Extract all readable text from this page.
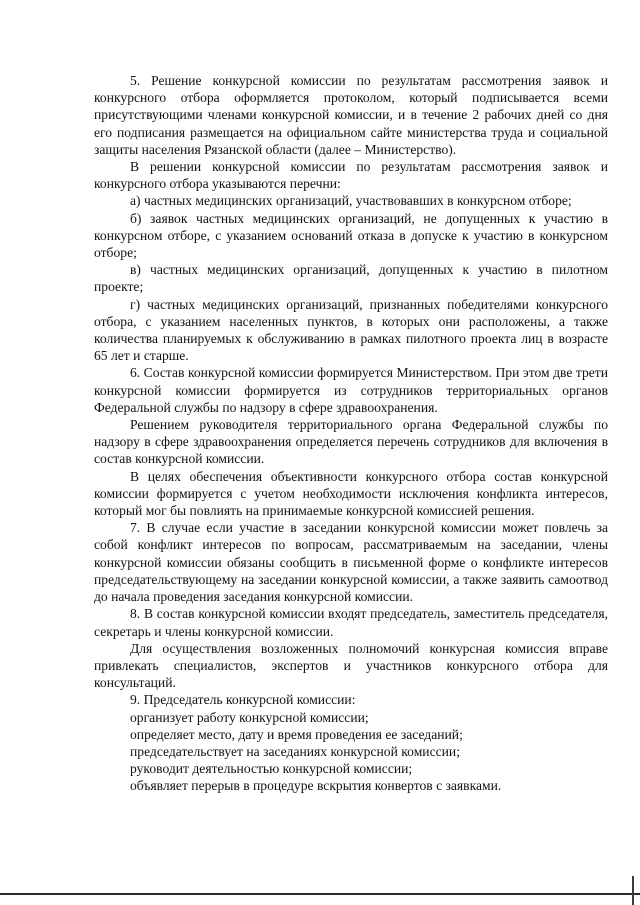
5. Решение конкурсной комиссии по результатам рассмотрения заявок и конкурсного отбора оформляется протоколом, который подписывается всеми присутствующими членами конкурсной комиссии, и в течение 2 рабочих дней со дня его подписания размещается на официальном сайте министерства труда и социальной защиты населения Рязанской области (далее – Министерство).

В решении конкурсной комиссии по результатам рассмотрения заявок и конкурсного отбора указываются перечни:

а) частных медицинских организаций, участвовавших в конкурсном отборе;

б) заявок частных медицинских организаций, не допущенных к участию в конкурсном отборе, с указанием оснований отказа в допуске к участию в конкурсном отборе;

в) частных медицинских организаций, допущенных к участию в пилотном проекте;

г) частных медицинских организаций, признанных победителями конкурсного отбора, с указанием населенных пунктов, в которых они расположены, а также количества планируемых к обслуживанию в рамках пилотного проекта лиц в возрасте 65 лет и старше.

6. Состав конкурсной комиссии формируется Министерством. При этом две трети конкурсной комиссии формируется из сотрудников территориальных органов Федеральной службы по надзору в сфере здравоохранения.

Решением руководителя территориального органа Федеральной службы по надзору в сфере здравоохранения определяется перечень сотрудников для включения в состав конкурсной комиссии.

В целях обеспечения объективности конкурсного отбора состав конкурсной комиссии формируется с учетом необходимости исключения конфликта интересов, который мог бы повлиять на принимаемые конкурсной комиссией решения.

7. В случае если участие в заседании конкурсной комиссии может повлечь за собой конфликт интересов по вопросам, рассматриваемым на заседании, члены конкурсной комиссии обязаны сообщить в письменной форме о конфликте интересов председательствующему на заседании конкурсной комиссии, а также заявить самоотвод до начала проведения заседания конкурсной комиссии.

8. В состав конкурсной комиссии входят председатель, заместитель председателя, секретарь и члены конкурсной комиссии.

Для осуществления возложенных полномочий конкурсная комиссия вправе привлекать специалистов, экспертов и участников конкурсного отбора для консультаций.

9. Председатель конкурсной комиссии:

организует работу конкурсной комиссии;

определяет место, дату и время проведения ее заседаний;

председательствует на заседаниях конкурсной комиссии;

руководит деятельностью конкурсной комиссии;

объявляет перерыв в процедуре вскрытия конвертов с заявками.
